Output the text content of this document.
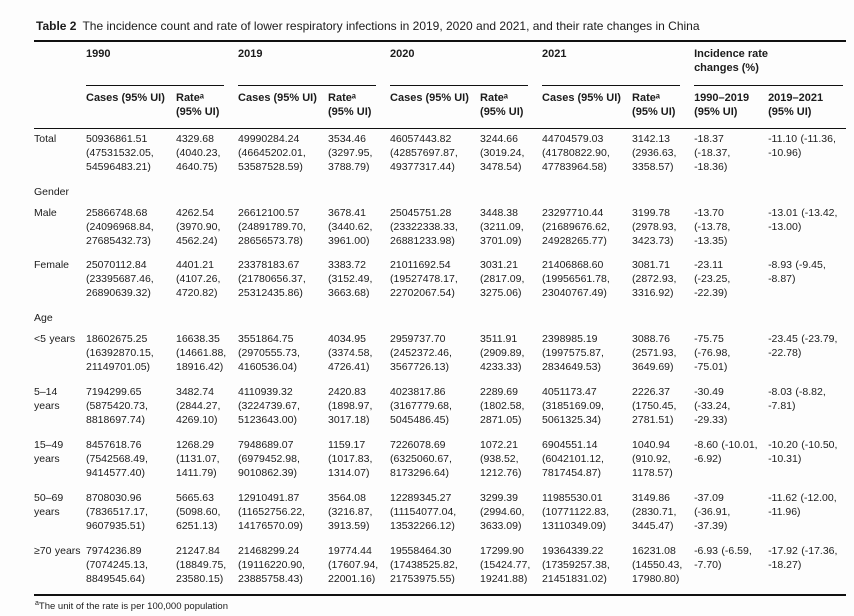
Table 2 The incidence count and rate of lower respiratory infections in 2019, 2020 and 2021, and their rate changes in China

	1990		2019		2020		2021		Incidence rate changes (%)	

	Cases (95% UI)	Rateᵃ (95% UI)	Cases (95% UI)	Rateᵃ (95% UI)	Cases (95% UI)	Rateᵃ (95% UI)	Cases (95% UI)	Rateᵃ (95% UI)	1990–2019 (95% UI)	2019–2021 (95% UI)
Total	50936861.51 (47531532.05, 54596483.21)	4329.68 (4040.23, 4640.75)	49990284.24 (46645202.01, 53587528.59)	3534.46 (3297.95, 3788.79)	46057443.82 (42857697.87, 49377317.44)	3244.66 (3019.24, 3478.54)	44704579.03 (41780822.90, 47783964.58)	3142.13 (2936.63, 3358.57)	-18.37 (-18.37, -18.36)	-11.10 (-11.36, -10.96)
Gender										
Male	25866748.68 (24096968.84, 27685432.73)	4262.54 (3970.90, 4562.24)	26612100.57 (24891789.70, 28656573.78)	3678.41 (3440.62, 3961.00)	25045751.28 (23322338.33, 26881233.98)	3448.38 (3211.09, 3701.09)	23297710.44 (21689676.62, 24928265.77)	3199.78 (2978.93, 3423.73)	-13.70 (-13.78, -13.35)	-13.01 (-13.42, -13.00)
Female	25070112.84 (23395687.46, 26890639.32)	4401.21 (4107.26, 4720.82)	23378183.67 (21780656.37, 25312435.86)	3383.72 (3152.49, 3663.68)	21011692.54 (19527478.17, 22702067.54)	3031.21 (2817.09, 3275.06)	21406868.60 (19956561.78, 23040767.49)	3081.71 (2872.93, 3316.92)	-23.11 (-23.25, -22.39)	-8.93 (-9.45, -8.87)
Age										
<5 years	18602675.25 (16392870.15, 21149701.05)	16638.35 (14661.88, 18916.42)	3551864.75 (2970555.73, 4160536.04)	4034.95 (3374.58, 4726.41)	2959737.70 (2452372.46, 3567726.13)	3511.91 (2909.89, 4233.33)	2398985.19 (1997575.87, 2834649.53)	3088.76 (2571.93, 3649.69)	-75.75 (-76.98, -75.01)	-23.45 (-23.79, -22.78)
5–14 years	7194299.65 (5875420.73, 8818697.74)	3482.74 (2844.27, 4269.10)	4110939.32 (3224739.67, 5123643.00)	2420.83 (1898.97, 3017.18)	4023817.86 (3167779.68, 5045486.45)	2289.69 (1802.58, 2871.05)	4051173.47 (3185169.09, 5061325.34)	2226.37 (1750.45, 2781.51)	-30.49 (-33.24, -29.33)	-8.03 (-8.82, -7.81)
15–49 years	8457618.76 (7542568.49, 9414577.40)	1268.29 (1131.07, 1411.79)	7948689.07 (6979452.98, 9010862.39)	1159.17 (1017.83, 1314.07)	7226078.69 (6325060.67, 8173296.64)	1072.21 (938.52, 1212.76)	6904551.14 (6042101.12, 7817454.87)	1040.94 (910.92, 1178.57)	-8.60 (-10.01, -6.92)	-10.20 (-10.50, -10.31)
50–69 years	8708030.96 (7836517.17, 9607935.51)	5665.63 (5098.60, 6251.13)	12910491.87 (11652756.22, 14176570.09)	3564.08 (3216.87, 3913.59)	12289345.27 (11154077.04, 13532266.12)	3299.39 (2994.60, 3633.09)	11985530.01 (10771122.83, 13110349.09)	3149.86 (2830.71, 3445.47)	-37.09 (-36.91, -37.39)	-11.62 (-12.00, -11.96)
≥70 years	7974236.89 (7074245.13, 8849545.64)	21247.84 (18849.75, 23580.15)	21468299.24 (19116220.90, 23885758.43)	19774.44 (17607.94, 22001.16)	19558464.30 (17438525.82, 21753975.55)	17299.90 (15424.77, 19241.88)	19364339.22 (17359257.38, 21451831.02)	16231.08 (14550.43, 17980.80)	-6.93 (-6.59, -7.70)	-17.92 (-17.36, -18.27)
$^a$The unit of the rate is per 100,000 population
